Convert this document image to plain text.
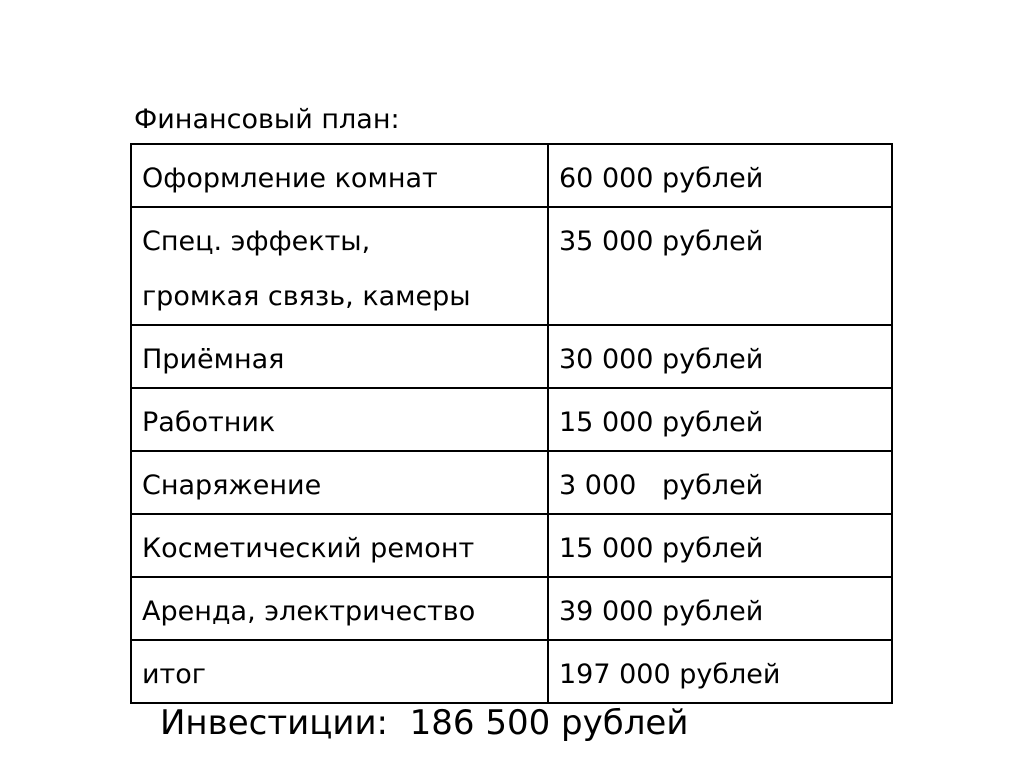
Финансовый план:
Оформление комнат	60 000 рублей

Спец. эффекты,
громкая связь, камеры	35 000 рублей
Приёмная	30 000 рублей
Работник	15 000 рублей
Снаряжение	3 000   рублей
Косметический ремонт	15 000 рублей
Аренда, электричество	39 000 рублей
итог	197 000 рублей
Инвестиции:  186 500 рублей
